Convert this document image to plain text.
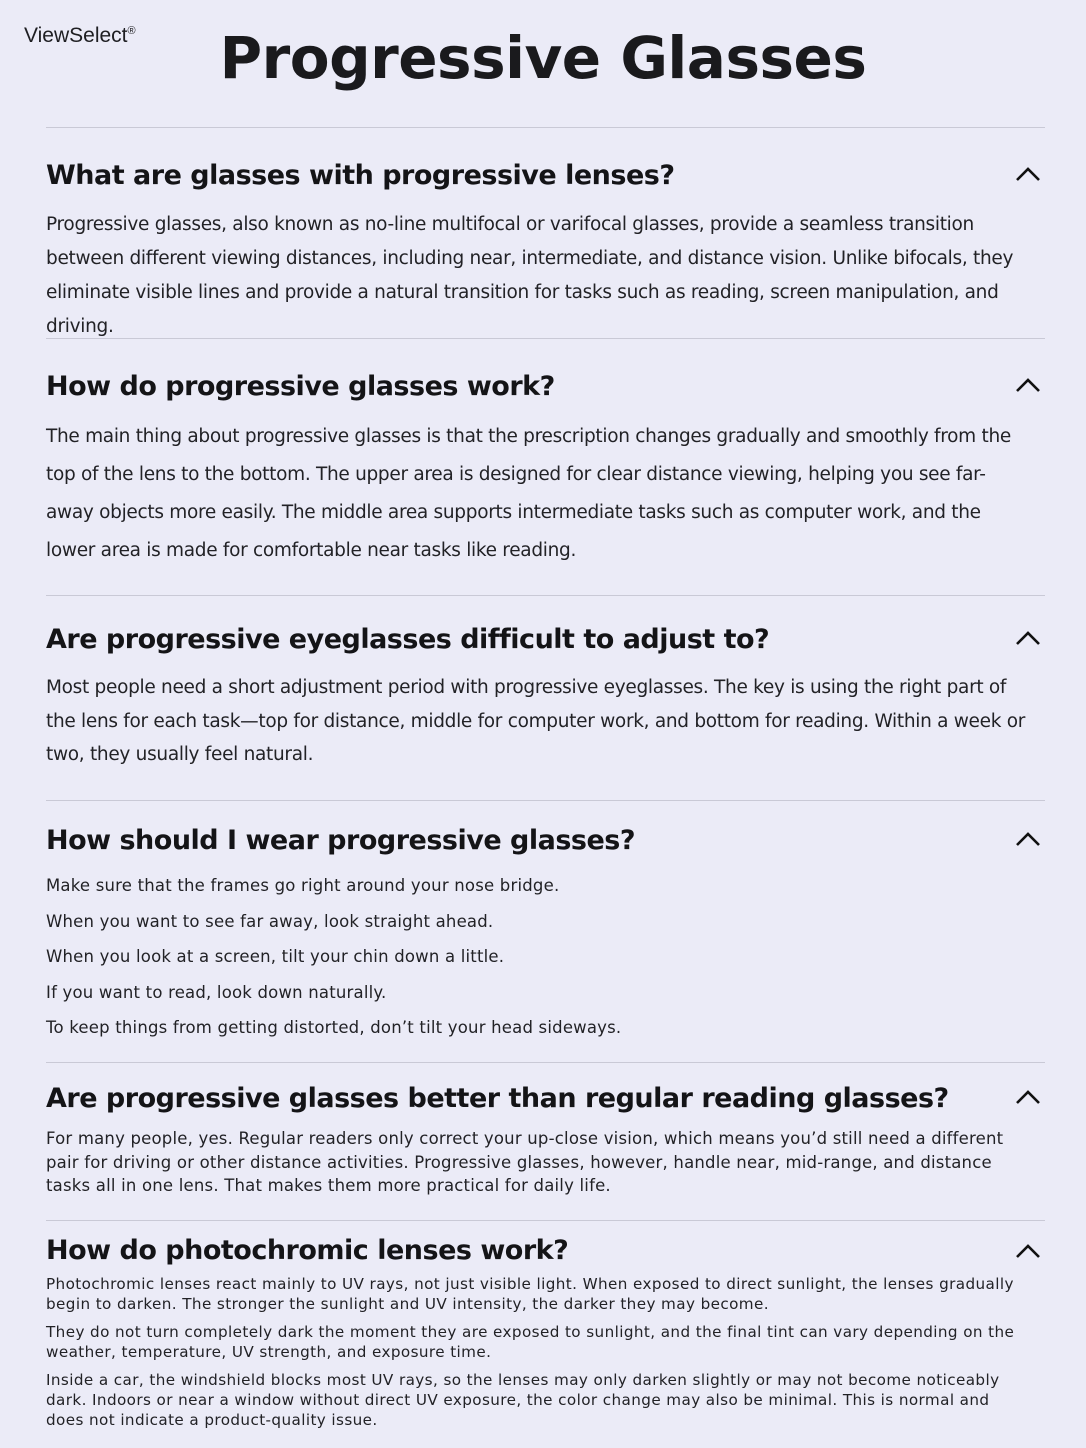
ViewSelect®	Progressive Glasses
What are glasses with progressive lenses?

Progressive glasses, also known as no-line multifocal or varifocal glasses, provide a seamless transition between different viewing distances, including near, intermediate, and distance vision. Unlike bifocals, they eliminate visible lines and provide a natural transition for tasks such as reading, screen manipulation, and driving.

How do progressive glasses work?

The main thing about progressive glasses is that the prescription changes gradually and smoothly from the top of the lens to the bottom. The upper area is designed for clear distance viewing, helping you see far-away objects more easily. The middle area supports intermediate tasks such as computer work, and the lower area is made for comfortable near tasks like reading.

Are progressive eyeglasses difficult to adjust to?

Most people need a short adjustment period with progressive eyeglasses. The key is using the right part of the lens for each task—top for distance, middle for computer work, and bottom for reading. Within a week or two, they usually feel natural.

How should I wear progressive glasses?

Make sure that the frames go right around your nose bridge.

When you want to see far away, look straight ahead.

When you look at a screen, tilt your chin down a little.

If you want to read, look down naturally.

To keep things from getting distorted, don’t tilt your head sideways.

Are progressive glasses better than regular reading glasses?

For many people, yes. Regular readers only correct your up-close vision, which means you’d still need a different pair for driving or other distance activities. Progressive glasses, however, handle near, mid-range, and distance tasks all in one lens. That makes them more practical for daily life.

How do photochromic lenses work?

Photochromic lenses react mainly to UV rays, not just visible light. When exposed to direct sunlight, the lenses gradually begin to darken. The stronger the sunlight and UV intensity, the darker they may become.

They do not turn completely dark the moment they are exposed to sunlight, and the final tint can vary depending on the weather, temperature, UV strength, and exposure time.

Inside a car, the windshield blocks most UV rays, so the lenses may only darken slightly or may not become noticeably dark. Indoors or near a window without direct UV exposure, the color change may also be minimal. This is normal and does not indicate a product-quality issue.
